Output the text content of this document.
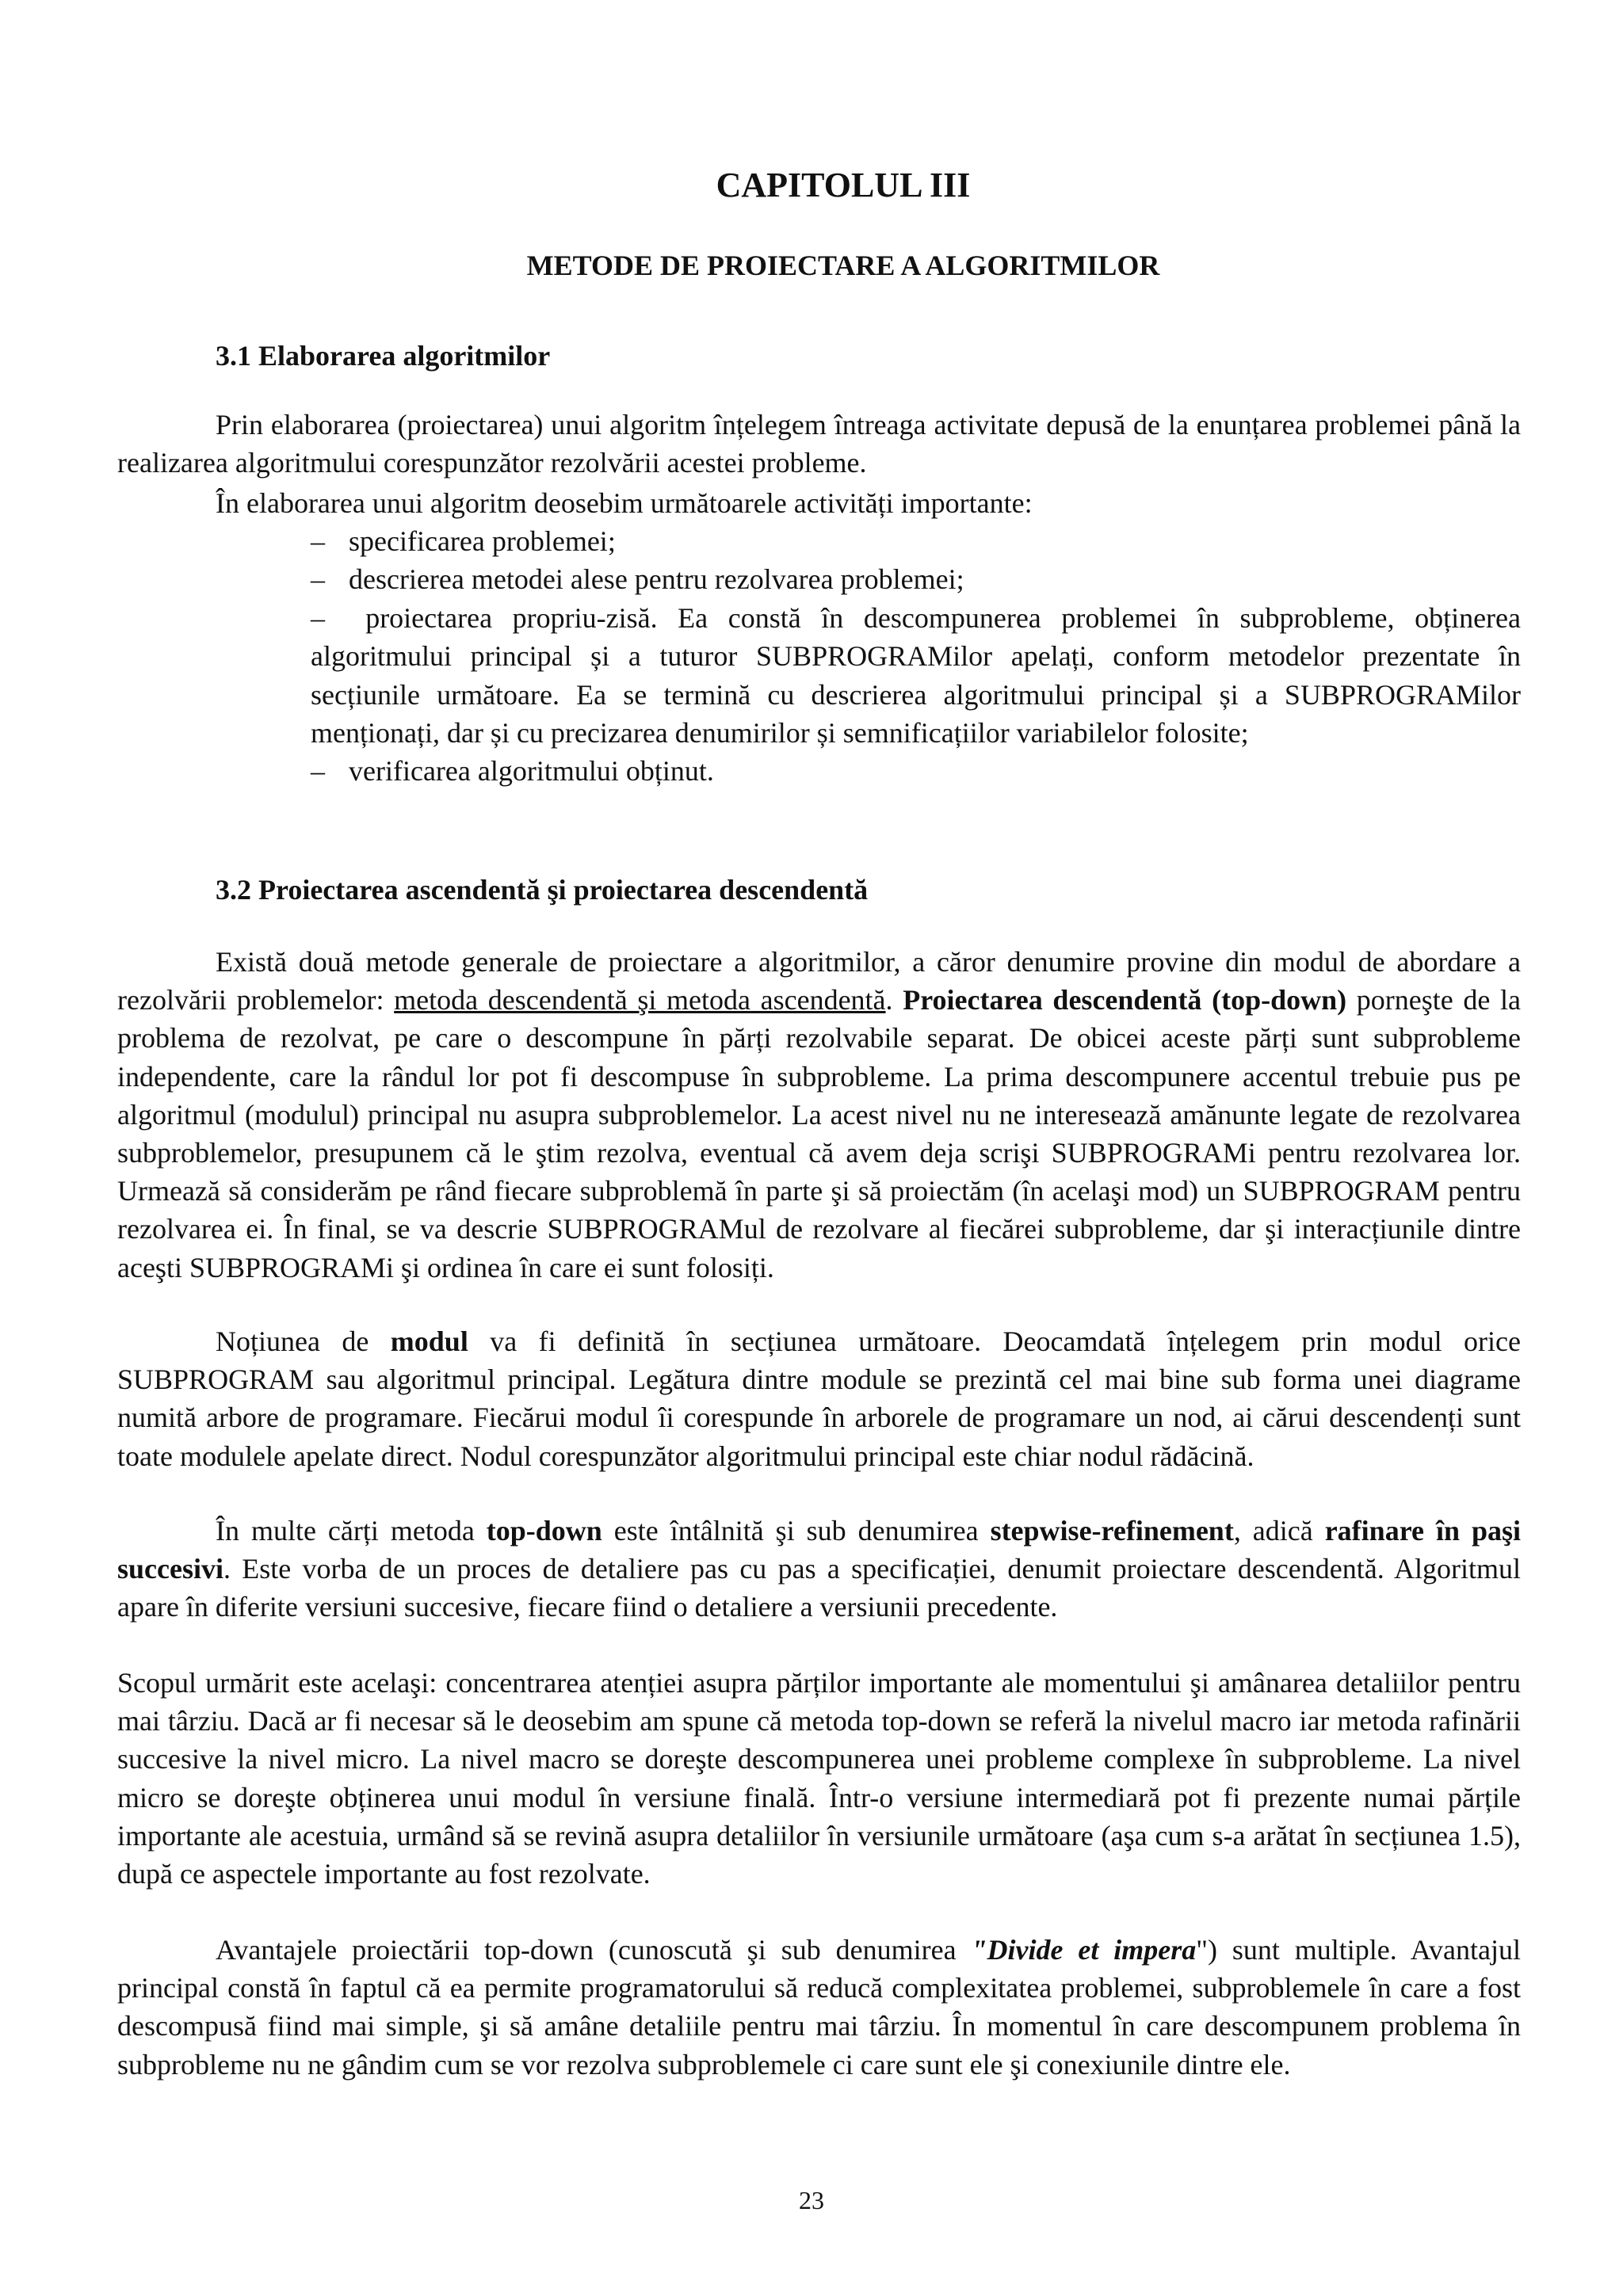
CAPITOLUL III
METODE DE PROIECTARE A ALGORITMILOR
3.1 Elaborarea algoritmilor
Prin elaborarea (proiectarea) unui algoritm înțelegem întreaga activitate depusă de la enunțarea problemei până la realizarea algoritmului corespunzător rezolvării acestei probleme.
În elaborarea unui algoritm deosebim următoarele activități importante:
– specificarea problemei;
– descrierea metodei alese pentru rezolvarea problemei;
– proiectarea propriu-zisă. Ea constă în descompunerea problemei în subprobleme, obținerea algoritmului principal și a tuturor SUBPROGRAMilor apelați, conform metodelor prezentate în secțiunile următoare. Ea se termină cu descrierea algoritmului principal și a SUBPROGRAMilor menționați, dar și cu precizarea denumirilor și semnificațiilor variabilelor folosite;
– verificarea algoritmului obținut.
3.2 Proiectarea ascendentă şi proiectarea descendentă
Există două metode generale de proiectare a algoritmilor, a căror denumire provine din modul de abordare a rezolvării problemelor: metoda descendentă şi metoda ascendentă. Proiectarea descendentă (top-down) porneşte de la problema de rezolvat, pe care o descompune în părți rezolvabile separat. De obicei aceste părți sunt subprobleme independente, care la rândul lor pot fi descompuse în subprobleme. La prima descompunere accentul trebuie pus pe algoritmul (modulul) principal nu asupra subproblemelor. La acest nivel nu ne interesează amănunte legate de rezolvarea subproblemelor, presupunem că le ştim rezolva, eventual că avem deja scrişi SUBPROGRAMi pentru rezolvarea lor. Urmează să considerăm pe rând fiecare subproblemă în parte şi să proiectăm (în acelaşi mod) un SUBPROGRAM pentru rezolvarea ei. În final, se va descrie SUBPROGRAMul de rezolvare al fiecărei subprobleme, dar şi interacțiunile dintre aceşti SUBPROGRAMi şi ordinea în care ei sunt folosiți.
Noțiunea de modul va fi definită în secțiunea următoare. Deocamdată înțelegem prin modul orice SUBPROGRAM sau algoritmul principal. Legătura dintre module se prezintă cel mai bine sub forma unei diagrame numită arbore de programare. Fiecărui modul îi corespunde în arborele de programare un nod, ai cărui descendenți sunt toate modulele apelate direct. Nodul corespunzător algoritmului principal este chiar nodul rădăcină.
În multe cărți metoda top-down este întâlnită şi sub denumirea stepwise-refinement, adică rafinare în paşi succesivi. Este vorba de un proces de detaliere pas cu pas a specificației, denumit proiectare descendentă. Algoritmul apare în diferite versiuni succesive, fiecare fiind o detaliere a versiunii precedente.
Scopul urmărit este acelaşi: concentrarea atenției asupra părților importante ale momentului şi amânarea detaliilor pentru mai târziu. Dacă ar fi necesar să le deosebim am spune că metoda top-down se referă la nivelul macro iar metoda rafinării succesive la nivel micro. La nivel macro se doreşte descompunerea unei probleme complexe în subprobleme. La nivel micro se doreşte obținerea unui modul în versiune finală. Într-o versiune intermediară pot fi prezente numai părțile importante ale acestuia, urmând să se revină asupra detaliilor în versiunile următoare (aşa cum s-a arătat în secțiunea 1.5), după ce aspectele importante au fost rezolvate.
Avantajele proiectării top-down (cunoscută şi sub denumirea "Divide et impera") sunt multiple. Avantajul principal constă în faptul că ea permite programatorului să reducă complexitatea problemei, subproblemele în care a fost descompusă fiind mai simple, şi să amâne detaliile pentru mai târziu. În momentul în care descompunem problema în subprobleme nu ne gândim cum se vor rezolva subproblemele ci care sunt ele şi conexiunile dintre ele.
23
